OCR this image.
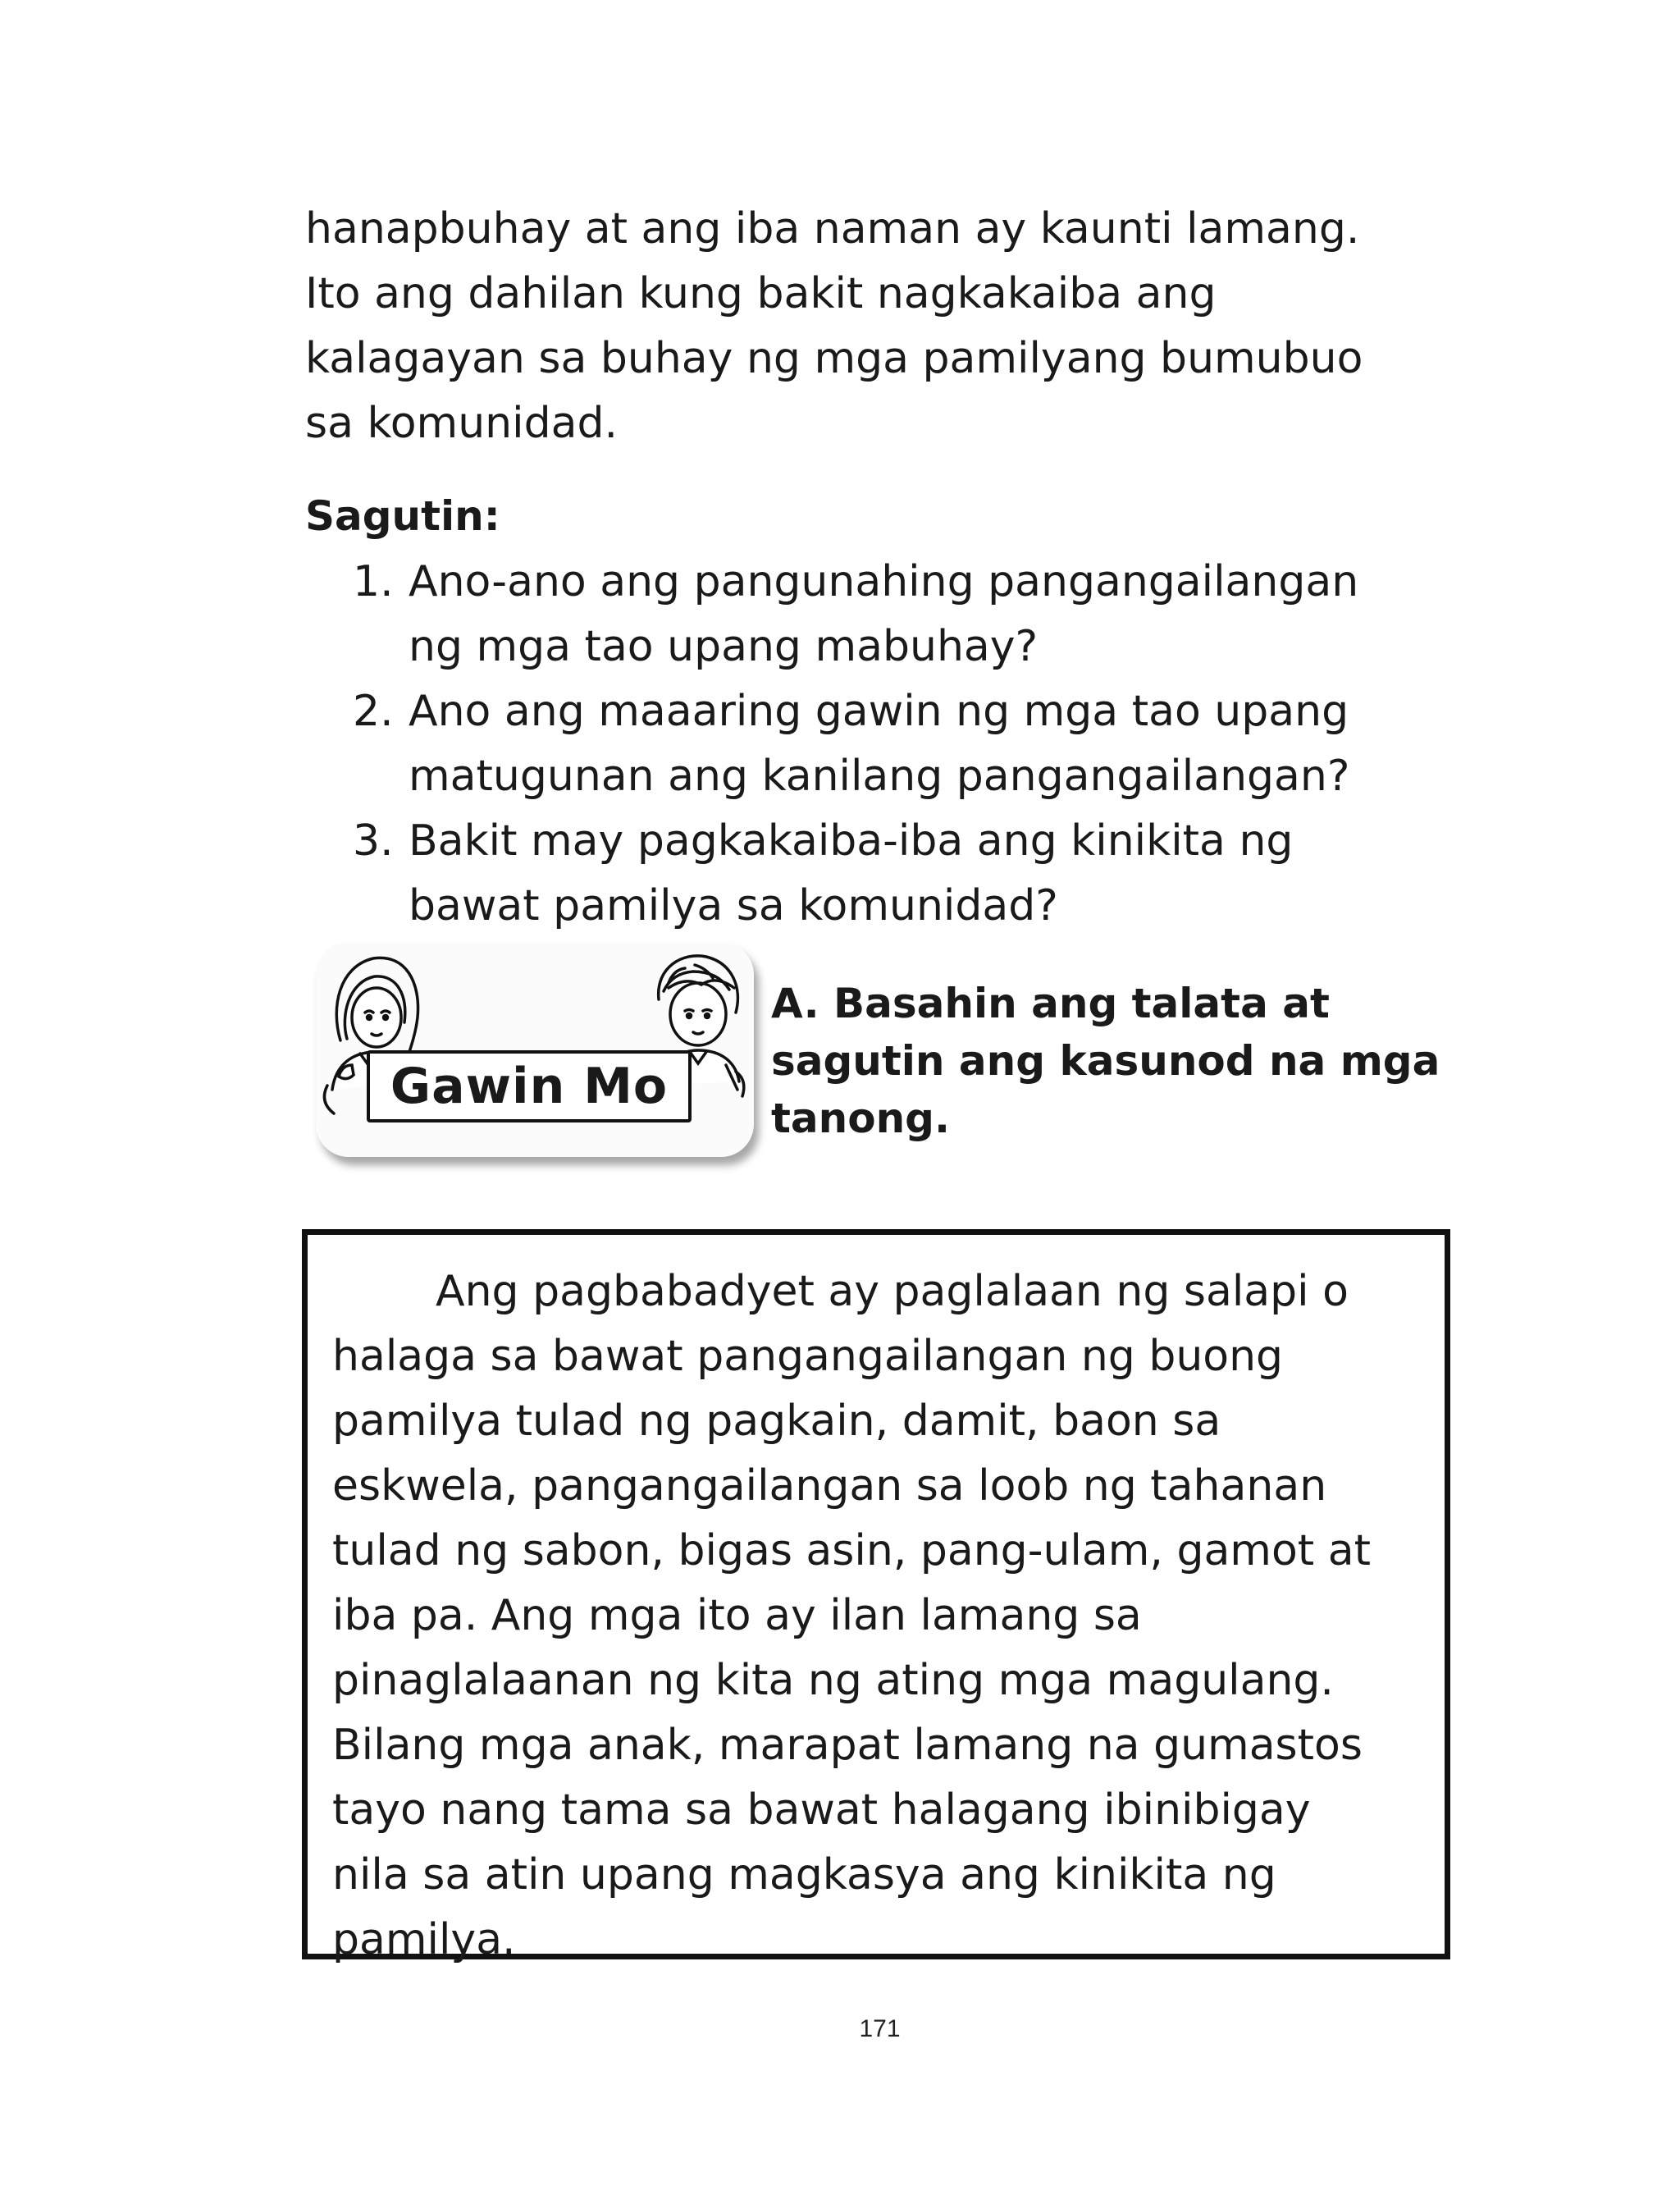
hanapbuhay at ang iba naman ay kaunti lamang.
Ito ang dahilan kung bakit nagkakaiba ang
kalagayan sa buhay ng mga pamilyang bumubuo
sa komunidad.

Sagutin:
1. Ano-ano ang pangunahing pangangailangan
ng mga tao upang mabuhay?
2. Ano ang maaaring gawin ng mga tao upang
matugunan ang kanilang pangangailangan?
3. Bakit may pagkakaiba-iba ang kinikita ng
bawat pamilya sa komunidad?
Gawin Mo

A. Basahin ang talata at
sagutin ang kasunod na mga
tanong.

Ang pagbabadyet ay paglalaan ng salapi o
halaga sa bawat pangangailangan ng buong
pamilya tulad ng pagkain, damit, baon sa
eskwela, pangangailangan sa loob ng tahanan
tulad ng sabon, bigas asin, pang-ulam, gamot at
iba pa. Ang mga ito ay ilan lamang sa
pinaglalaanan ng kita ng ating mga magulang.
Bilang mga anak, marapat lamang na gumastos
tayo nang tama sa bawat halagang ibinibigay
nila sa atin upang magkasya ang kinikita ng
pamilya.

171
